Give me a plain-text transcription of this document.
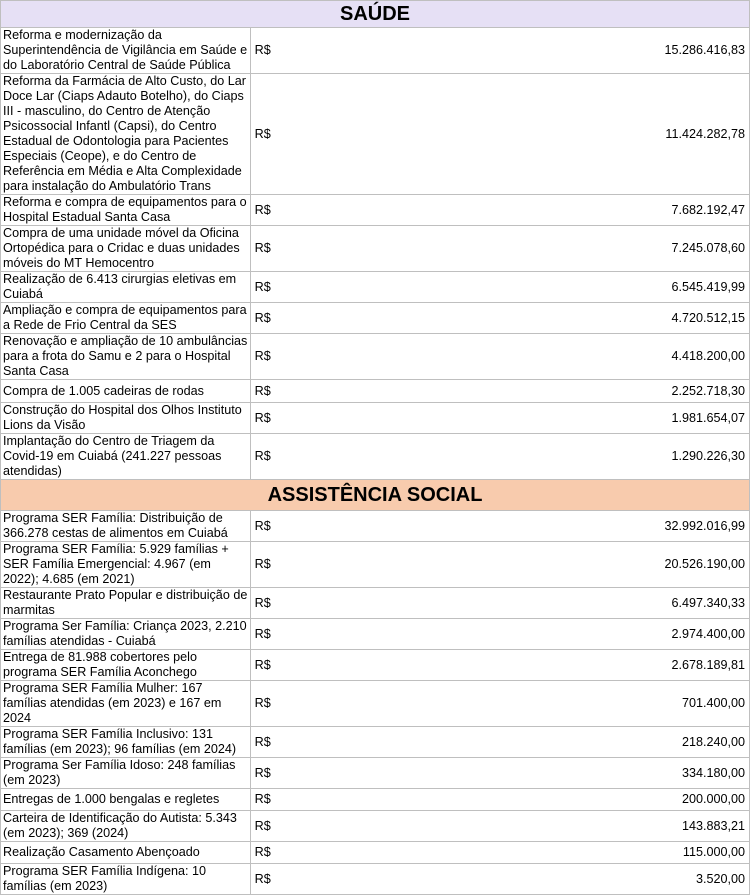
SAÚDE		
Reforma e modernização da Superintendência de Vigilância em Saúde e do Laboratório Central de Saúde Pública	R$	15.286.416,83
Reforma da Farmácia de Alto Custo, do Lar Doce Lar (Ciaps Adauto Botelho), do Ciaps III - masculino, do Centro de Atenção Psicossocial Infantl (Capsi), do Centro Estadual de Odontologia para Pacientes Especiais (Ceope), e do Centro de Referência em Média e Alta Complexidade para instalação do Ambulatório Trans	R$	11.424.282,78
Reforma e compra de equipamentos para o Hospital Estadual Santa Casa	R$	7.682.192,47
Compra de uma unidade móvel da Oficina Ortopédica para o Cridac e duas unidades móveis do MT Hemocentro	R$	7.245.078,60
Realização de 6.413 cirurgias eletivas em Cuiabá	R$	6.545.419,99
Ampliação e compra de equipamentos para a Rede de Frio Central da SES	R$	4.720.512,15
Renovação e ampliação de 10 ambulâncias para a frota do Samu e 2 para o Hospital Santa Casa	R$	4.418.200,00
Compra de 1.005 cadeiras de rodas	R$	2.252.718,30
Construção do Hospital dos Olhos Instituto Lions da Visão	R$	1.981.654,07
Implantação do Centro de Triagem da Covid-19 em Cuiabá (241.227 pessoas atendidas)	R$	1.290.226,30
ASSISTÊNCIA SOCIAL		
Programa SER Família: Distribuição de 366.278 cestas de alimentos em Cuiabá	R$	32.992.016,99
Programa SER Família: 5.929 famílias + SER Família Emergencial: 4.967 (em 2022); 4.685 (em 2021)	R$	20.526.190,00
Restaurante Prato Popular e distribuição de marmitas	R$	6.497.340,33
Programa Ser Família: Criança 2023, 2.210 famílias atendidas - Cuiabá	R$	2.974.400,00
Entrega de 81.988 cobertores pelo programa SER Família Aconchego	R$	2.678.189,81
Programa SER Família Mulher: 167 famílias atendidas (em 2023) e 167 em 2024	R$	701.400,00
Programa SER Família Inclusivo: 131 famílias (em 2023); 96 famílias (em 2024)	R$	218.240,00
Programa Ser Família Idoso: 248 famílias (em 2023)	R$	334.180,00
Entregas de 1.000 bengalas e regletes	R$	200.000,00
Carteira de Identificação do Autista: 5.343 (em 2023); 369 (2024)	R$	143.883,21
Realização Casamento Abençoado	R$	115.000,00
Programa SER Família Indígena: 10 famílias (em 2023)	R$	3.520,00
